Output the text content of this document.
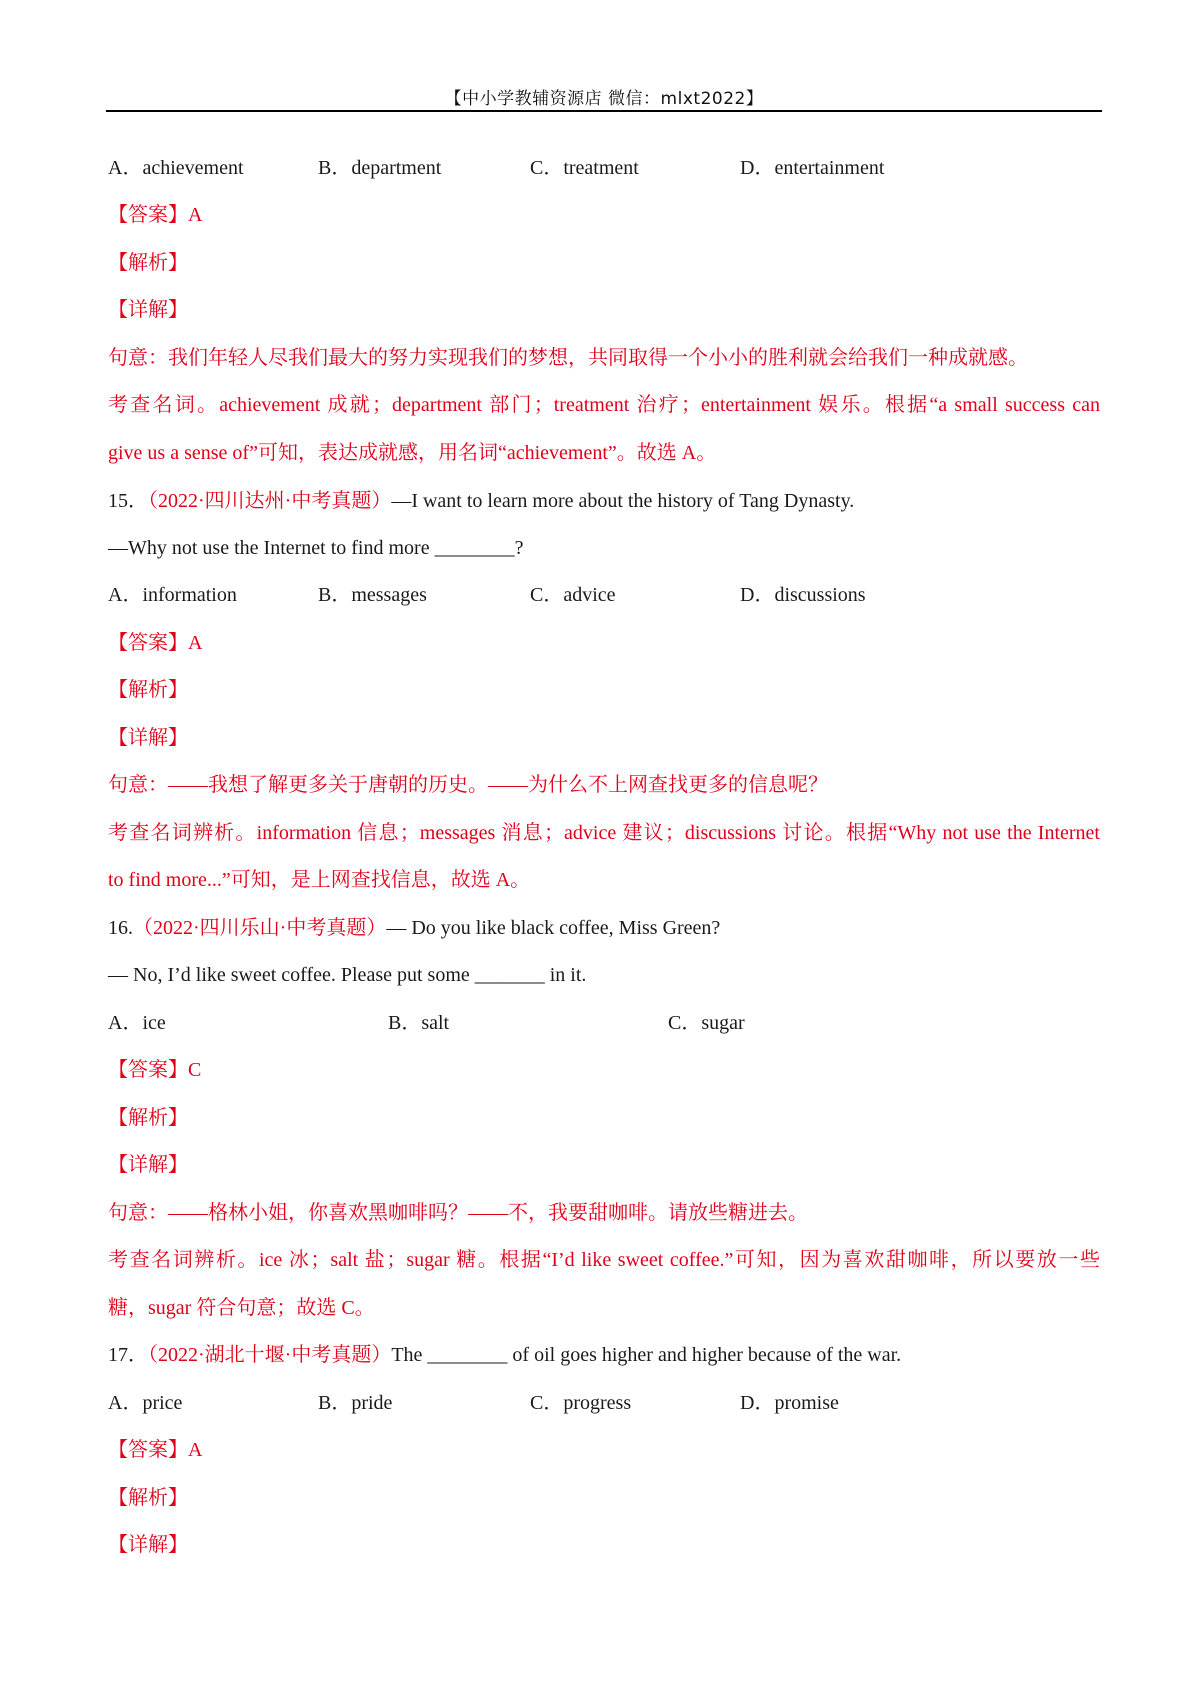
【中小学教辅资源店 微信：mlxt2022】
A．achievement	B．department	C．treatment	D．entertainment
【答案】A
【解析】
【详解】
句意：我们年轻人尽我们最大的努力实现我们的梦想，共同取得一个小小的胜利就会给我们一种成就感。
考查名词。achievement 成就；department 部门；treatment 治疗；entertainment 娱乐。根据“a small success can
give us a sense of”可知，表达成就感，用名词“achievement”。故选 A。
15．（2022·四川达州·中考真题）—I want to learn more about the history of Tang Dynasty.
—Why not use the Internet to find more ________?
A．information	B．messages	C．advice	D．discussions
【答案】A
【解析】
【详解】
句意：——我想了解更多关于唐朝的历史。——为什么不上网查找更多的信息呢？
考查名词辨析。information 信息；messages 消息；advice 建议；discussions 讨论。根据“Why not use the Internet
to find more...”可知，是上网查找信息，故选 A。
16.（2022·四川乐山·中考真题）— Do you like black coffee, Miss Green?
— No, I’d like sweet coffee. Please put some _______ in it.
A．ice	B．salt	C．sugar
【答案】C
【解析】
【详解】
句意：——格林小姐，你喜欢黑咖啡吗？——不，我要甜咖啡。请放些糖进去。
考查名词辨析。ice 冰；salt 盐；sugar 糖。根据“I’d like sweet coffee.”可知，因为喜欢甜咖啡，所以要放一些
糖，sugar 符合句意；故选 C。
17．（2022·湖北十堰·中考真题）The ________ of oil goes higher and higher because of the war.
A．price	B．pride	C．progress	D．promise
【答案】A
【解析】
【详解】
